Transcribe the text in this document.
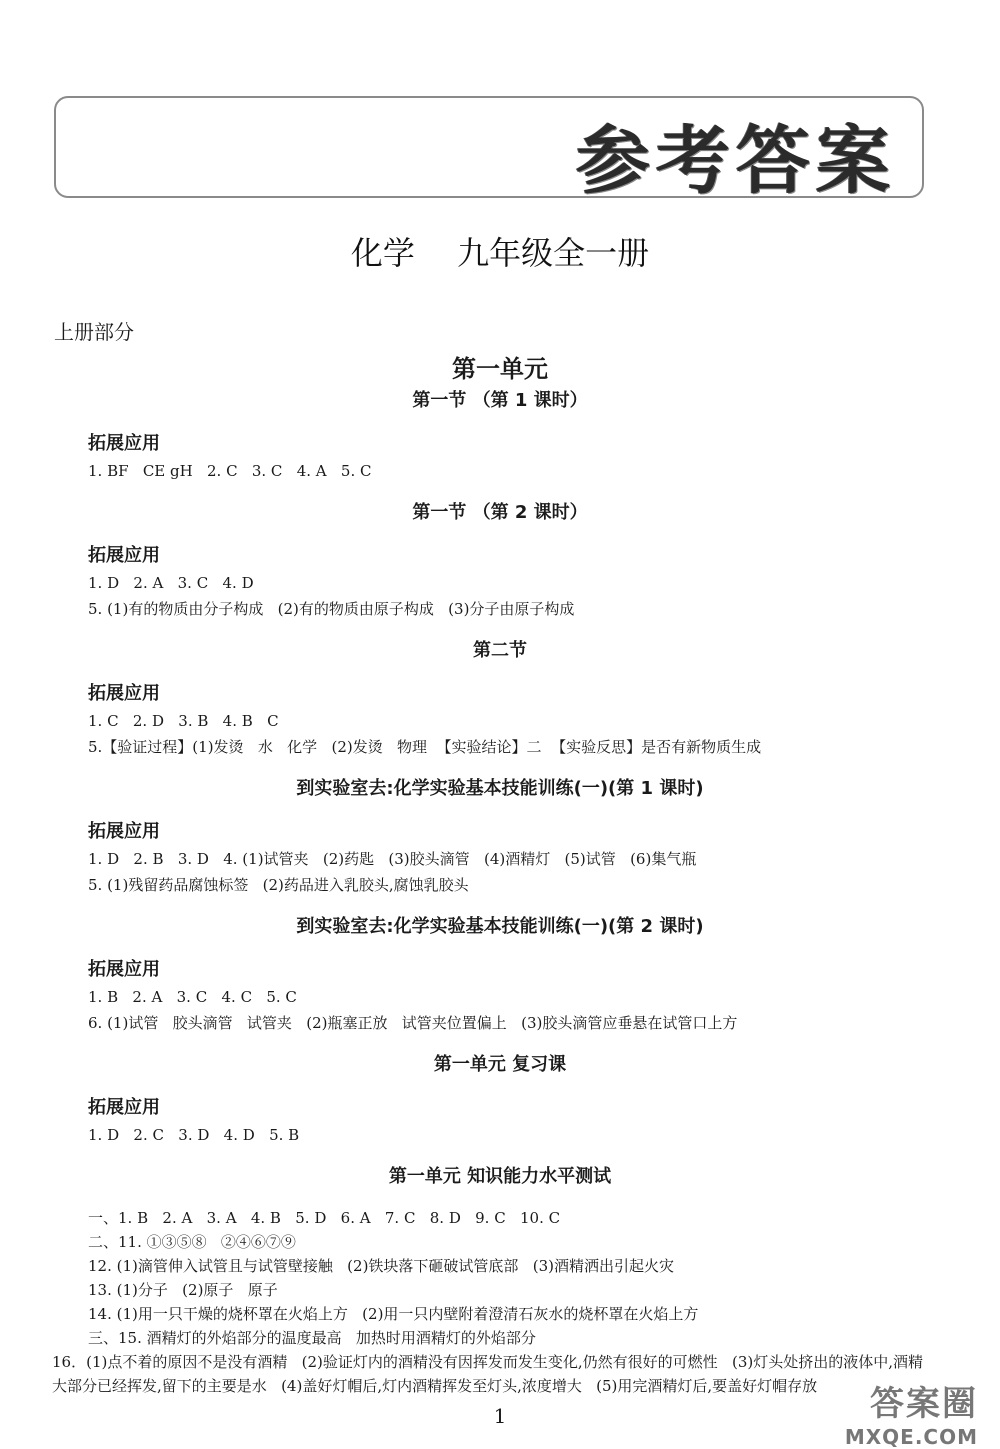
参考答案
化学 九年级全一册
上册部分
第一单元
第一节 （第 1 课时）
拓展应用
1. BF   CE gH   2. C   3. C   4. A   5. C
第一节 （第 2 课时）
拓展应用
1. D   2. A   3. C   4. D
5. (1)有的物质由分子构成   (2)有的物质由原子构成   (3)分子由原子构成
第二节
拓展应用
1. C   2. D   3. B   4. B   C
5.【验证过程】(1)发烫   水   化学   (2)发烫   物理  【实验结论】二  【实验反思】是否有新物质生成
到实验室去:化学实验基本技能训练(一)(第 1 课时)
拓展应用
1. D   2. B   3. D   4. (1)试管夹   (2)药匙   (3)胶头滴管   (4)酒精灯   (5)试管   (6)集气瓶
5. (1)残留药品腐蚀标签   (2)药品进入乳胶头,腐蚀乳胶头
到实验室去:化学实验基本技能训练(一)(第 2 课时)
拓展应用
1. B   2. A   3. C   4. C   5. C
6. (1)试管   胶头滴管   试管夹   (2)瓶塞正放   试管夹位置偏上   (3)胶头滴管应垂悬在试管口上方
第一单元 复习课
拓展应用
1. D   2. C   3. D   4. D   5. B
第一单元 知识能力水平测试
一、1. B   2. A   3. A   4. B   5. D   6. A   7. C   8. D   9. C   10. C
二、11. ①③⑤⑧   ②④⑥⑦⑨
12. (1)滴管伸入试管且与试管壁接触   (2)铁块落下砸破试管底部   (3)酒精洒出引起火灾
13. (1)分子   (2)原子   原子
14. (1)用一只干燥的烧杯罩在火焰上方   (2)用一只内壁附着澄清石灰水的烧杯罩在火焰上方
三、15. 酒精灯的外焰部分的温度最高   加热时用酒精灯的外焰部分
16．(1)点不着的原因不是没有酒精   (2)验证灯内的酒精没有因挥发而发生变化,仍然有很好的可燃性   (3)灯头处挤出的液体中,酒精大部分已经挥发,留下的主要是水   (4)盖好灯帽后,灯内酒精挥发至灯头,浓度增大   (5)用完酒精灯后,要盖好灯帽存放
1	答案圈
MXQE.COM
